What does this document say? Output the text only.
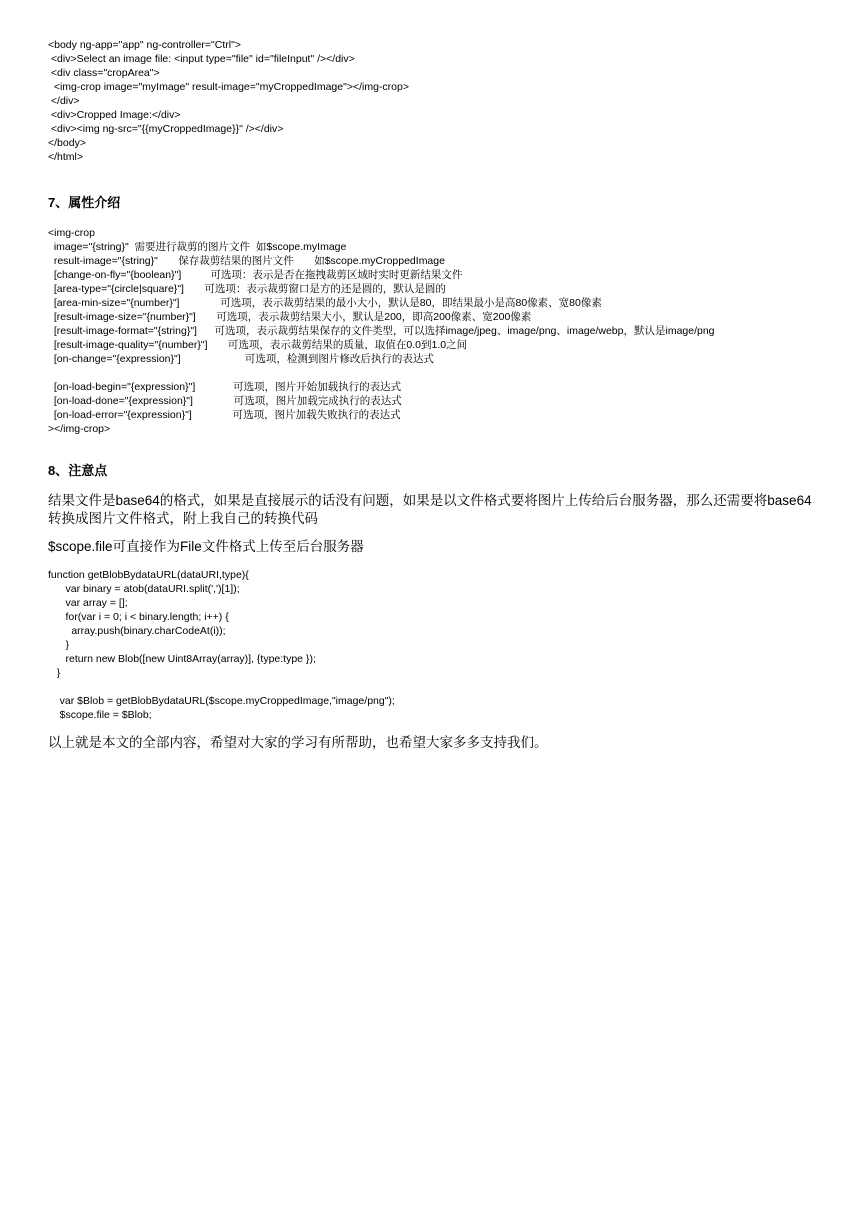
<body ng-app="app" ng-controller="Ctrl">
<div>Select an image file: <input type="file" id="fileInput" /></div>
<div class="cropArea">
<img-crop image="myImage" result-image="myCroppedImage"></img-crop>
</div>
<div>Cropped Image:</div>
<div><img ng-src="{{myCroppedImage}}" /></div>
</body>
</html>
7、属性介绍
<img-crop
image="{string}"  需要进行裁剪的图片文件  如$scope.myImage
result-image="{string}"       保存裁剪结果的图片文件       如$scope.myCroppedImage
[change-on-fly="{boolean}"]          可选项：表示是否在拖拽裁剪区域时实时更新结果文件
[area-type="{circle|square}"]       可选项：表示裁剪窗口是方的还是圆的，默认是圆的
[area-min-size="{number}"]              可选项，表示裁剪结果的最小大小，默认是80，即结果最小是高80像素、宽80像素
[result-image-size="{number}"]       可选项，表示裁剪结果大小，默认是200，即高200像素、宽200像素
[result-image-format="{string}"]      可选项，表示裁剪结果保存的文件类型，可以选择image/jpeg、image/png、image/webp，默认是image/png
[result-image-quality="{number}"]       可选项，表示裁剪结果的质量，取值在0.0到1.0之间
[on-change="{expression}"]                      可选项，检测到图片修改后执行的表达式
[on-load-begin="{expression}"]             可选项，图片开始加载执行的表达式
[on-load-done="{expression}"]              可选项，图片加载完成执行的表达式
[on-load-error="{expression}"]              可选项，图片加载失败执行的表达式
></img-crop>
8、注意点
结果文件是base64的格式，如果是直接展示的话没有问题，如果是以文件格式要将图片上传给后台服务器，那么还需要将base64转换成图片文件格式，附上我自己的转换代码
$scope.file可直接作为File文件格式上传至后台服务器
function getBlobBydataURL(dataURI,type){
var binary = atob(dataURI.split(',')[1]);
var array = [];
for(var i = 0; i < binary.length; i++) {
array.push(binary.charCodeAt(i));
}
return new Blob([new Uint8Array(array)], {type:type });
}
var $Blob = getBlobBydataURL($scope.myCroppedImage,"image/png");
$scope.file = $Blob;
以上就是本文的全部内容，希望对大家的学习有所帮助，也希望大家多多支持我们。
